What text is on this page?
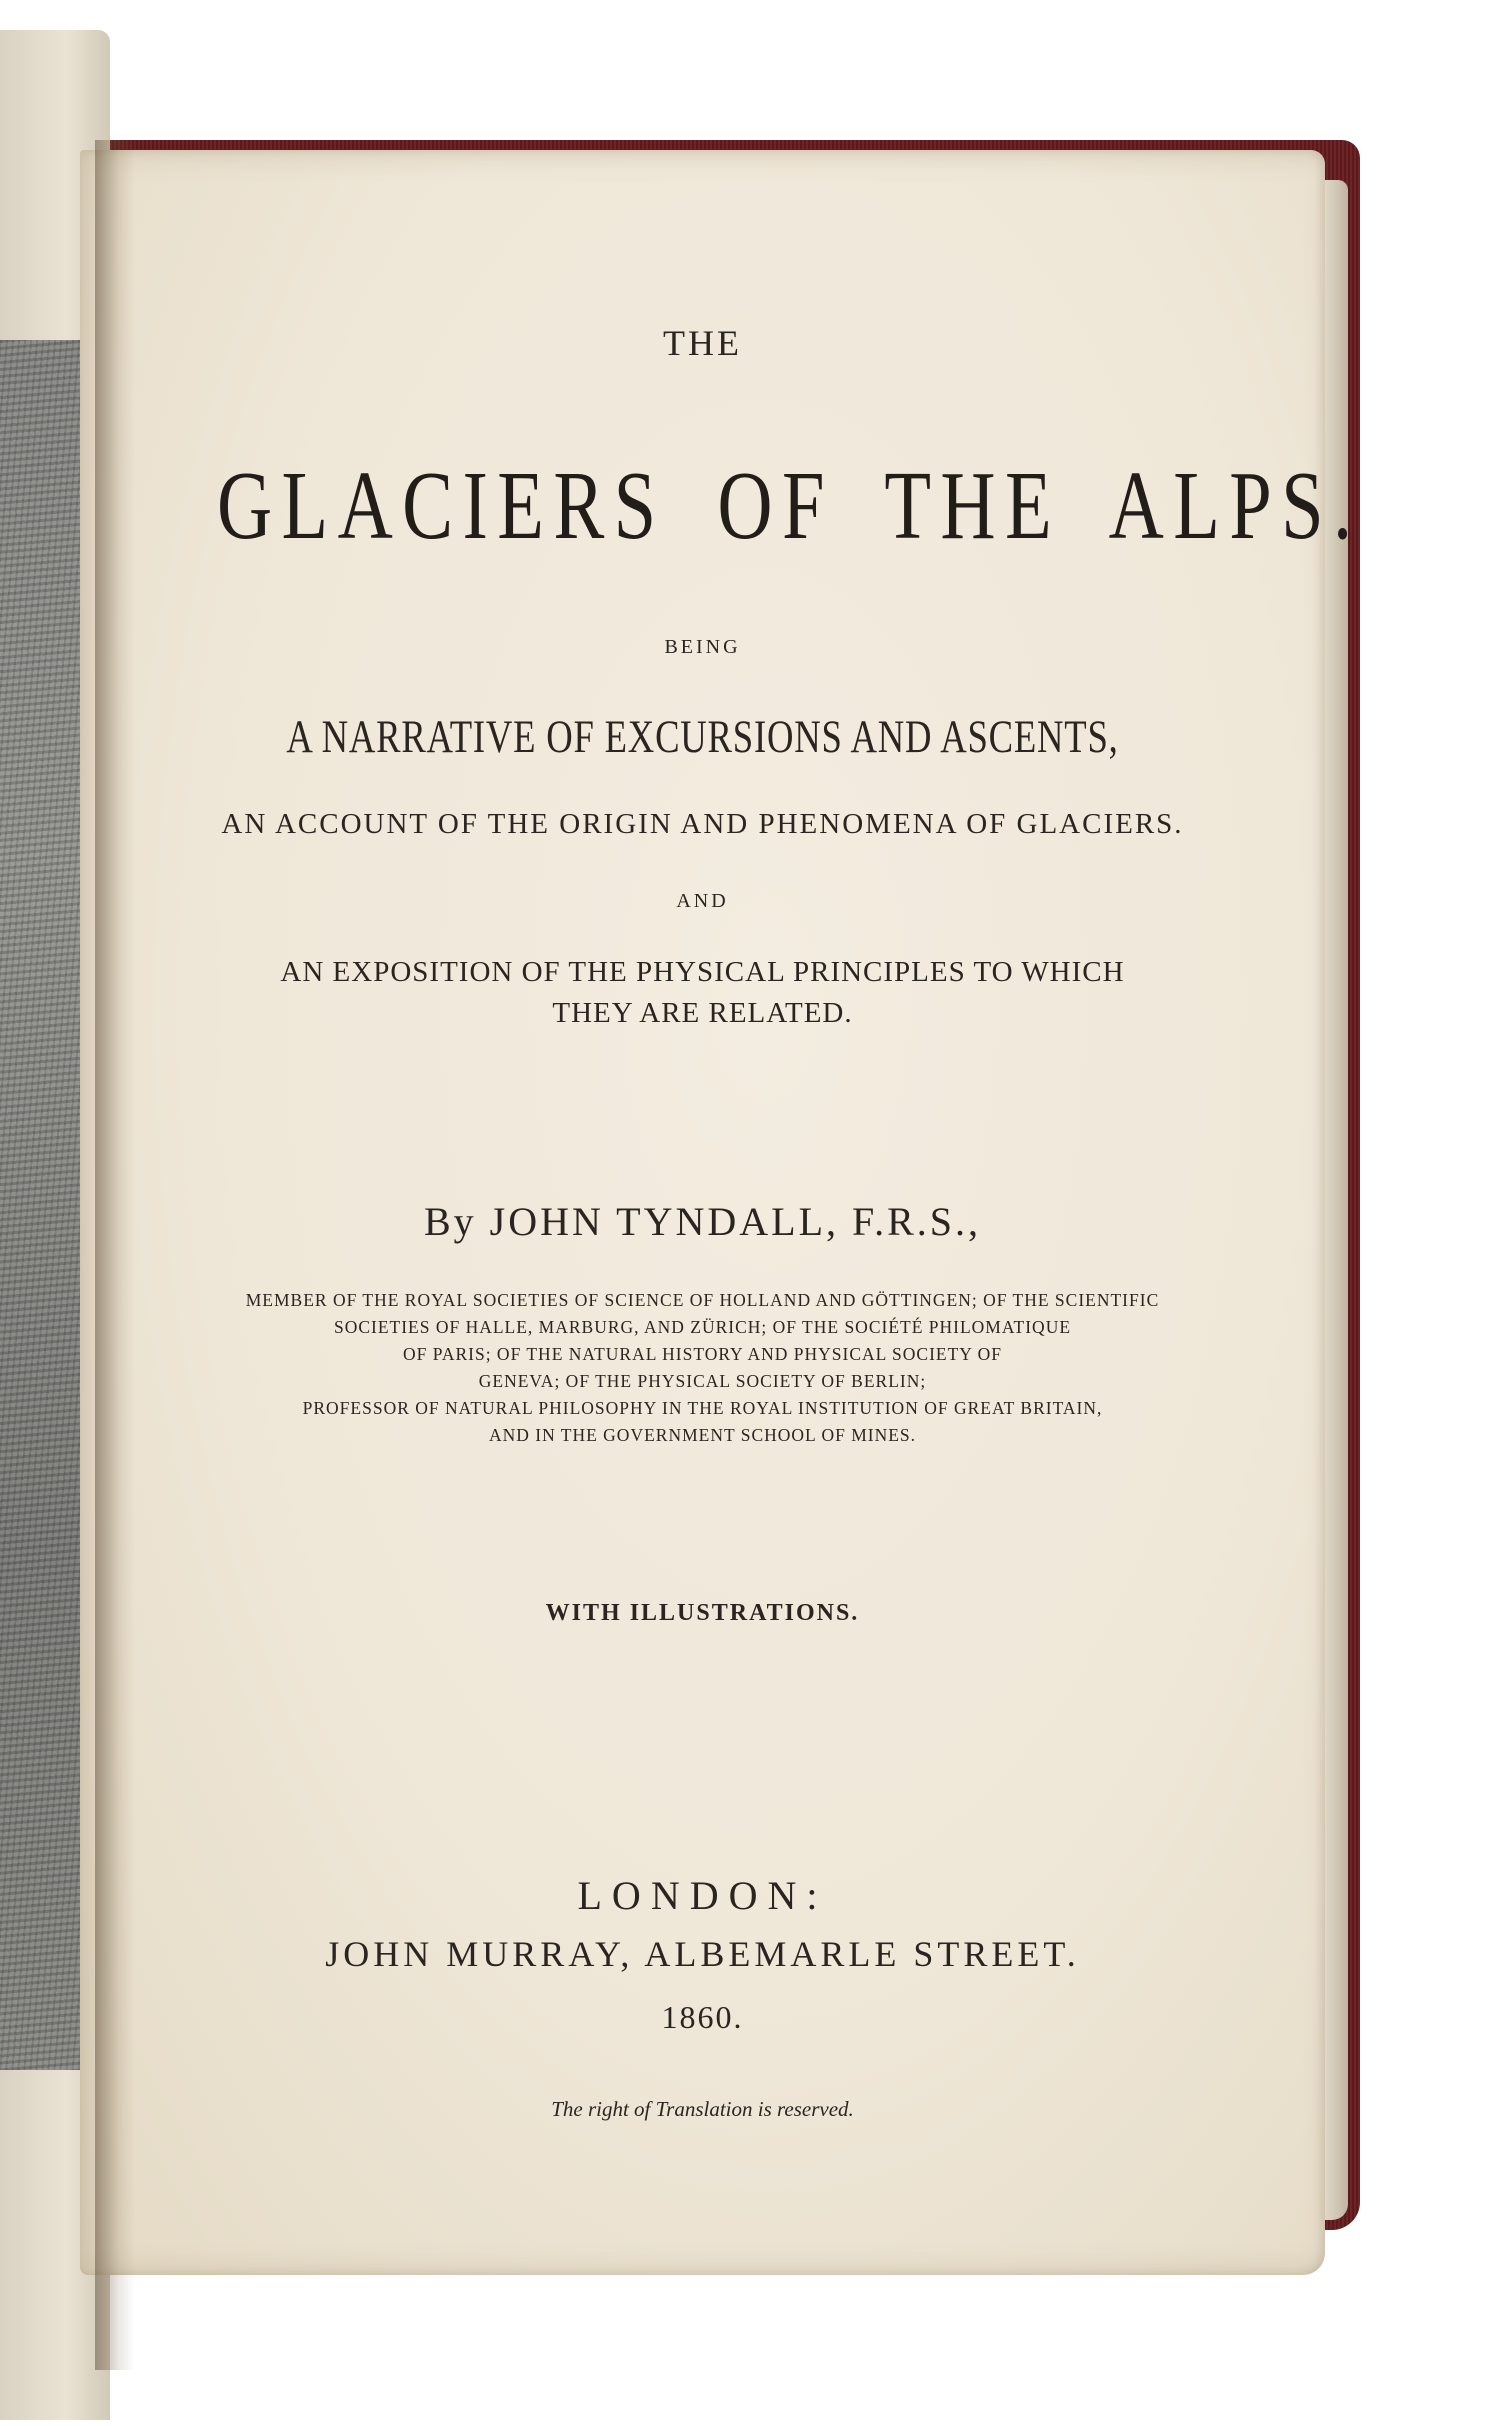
THE
GLACIERS OF THE ALPS.
BEING
A NARRATIVE OF EXCURSIONS AND ASCENTS,
AN ACCOUNT OF THE ORIGIN AND PHENOMENA OF GLACIERS.
AND
AN EXPOSITION OF THE PHYSICAL PRINCIPLES TO WHICH
THEY ARE RELATED.
By JOHN TYNDALL, F.R.S.,
MEMBER OF THE ROYAL SOCIETIES OF SCIENCE OF HOLLAND AND GÖTTINGEN; OF THE SCIENTIFIC
SOCIETIES OF HALLE, MARBURG, AND ZÜRICH; OF THE SOCIÉTÉ PHILOMATIQUE
OF PARIS; OF THE NATURAL HISTORY AND PHYSICAL SOCIETY OF
GENEVA; OF THE PHYSICAL SOCIETY OF BERLIN;
PROFESSOR OF NATURAL PHILOSOPHY IN THE ROYAL INSTITUTION OF GREAT BRITAIN,
AND IN THE GOVERNMENT SCHOOL OF MINES.
WITH ILLUSTRATIONS.
LONDON:
JOHN MURRAY, ALBEMARLE STREET.
1860.
The right of Translation is reserved.
